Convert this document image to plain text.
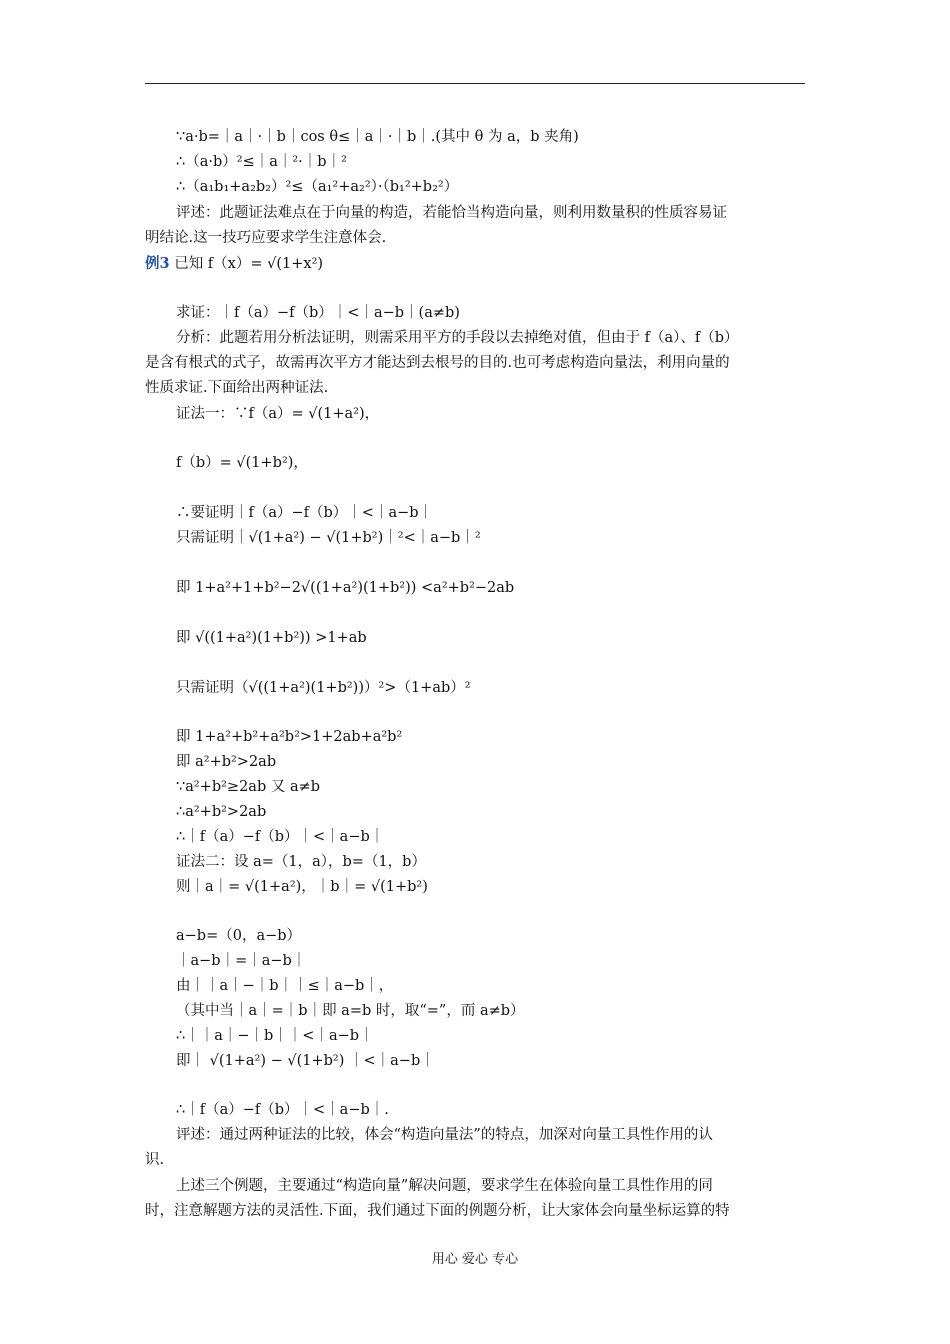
∵a·b=｜a｜·｜b｜cos θ≤｜a｜·｜b｜.(其中 θ 为 a，b 夹角)
∴（a·b）²≤｜a｜²·｜b｜²
∴（a₁b₁+a₂b₂）²≤（a₁²+a₂²）·（b₁²+b₂²）
评述：此题证法难点在于向量的构造，若能恰当构造向量，则利用数量积的性质容易证
明结论.这一技巧应要求学生注意体会.
例3 已知 f（x）= √(1+x²)
求证：｜f（a）−f（b）｜<｜a−b｜(a≠b)
分析：此题若用分析法证明，则需采用平方的手段以去掉绝对值，但由于 f（a）、f（b）
是含有根式的式子，故需再次平方才能达到去根号的目的.也可考虑构造向量法，利用向量的
性质求证.下面给出两种证法.
证法一：∵f（a）= √(1+a²)，
f（b）= √(1+b²)，
∴要证明｜f（a）−f（b）｜<｜a−b｜
只需证明｜√(1+a²) − √(1+b²)｜²<｜a−b｜²
即 1+a²+1+b²−2√((1+a²)(1+b²)) <a²+b²−2ab
即 √((1+a²)(1+b²)) >1+ab
只需证明（√((1+a²)(1+b²))）²>（1+ab）²
即 1+a²+b²+a²b²>1+2ab+a²b²
即 a²+b²>2ab
∵a²+b²≥2ab 又 a≠b
∴a²+b²>2ab
∴｜f（a）−f（b）｜<｜a−b｜
证法二：设 a=（1，a），b=（1，b）
则｜a｜= √(1+a²)，｜b｜= √(1+b²)
a−b=（0，a−b）
｜a−b｜=｜a−b｜
由｜｜a｜−｜b｜｜≤｜a−b｜，
（其中当｜a｜=｜b｜即 a=b 时，取“=”，而 a≠b）
∴｜｜a｜−｜b｜｜<｜a−b｜
即｜ √(1+a²) − √(1+b²) ｜<｜a−b｜
∴｜f（a）−f（b）｜<｜a−b｜.
评述：通过两种证法的比较，体会“构造向量法”的特点，加深对向量工具性作用的认
识.
上述三个例题，主要通过“构造向量”解决问题，要求学生在体验向量工具性作用的同
时，注意解题方法的灵活性.下面，我们通过下面的例题分析，让大家体会向量坐标运算的特
用心 爱心 专心
